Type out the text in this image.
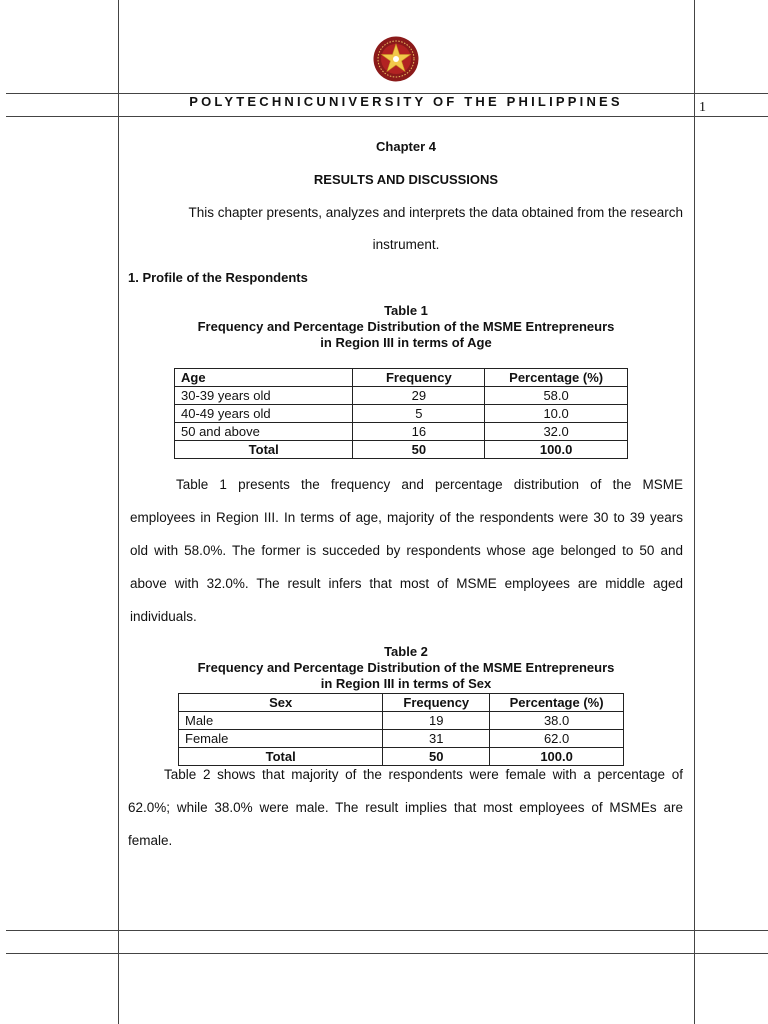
POLYTECHNICUNIVERSITY OF THE PHILIPPINES	1
Chapter 4
RESULTS AND DISCUSSIONS
This chapter presents, analyzes and interprets the data obtained from the research
instrument.
1. Profile of the Respondents
Table 1
Frequency and Percentage Distribution of the MSME Entrepreneurs
in Region III in terms of Age
Age	Frequency	Percentage (%)
30-39 years old	29	58.0
40-49 years old	5	10.0
50 and above	16	32.0
Total	50	100.0
Table 1 presents the frequency and percentage distribution of the MSME
employees in Region III. In terms of age, majority of the respondents were 30 to 39 years
old with 58.0%. The former is succeded by respondents whose age belonged to 50 and
above with 32.0%. The result infers that most of MSME employees are middle aged
individuals.
Table 2
Frequency and Percentage Distribution of the MSME Entrepreneurs
in Region III in terms of Sex
Sex	Frequency	Percentage (%)
Male	19	38.0
Female	31	62.0
Total	50	100.0
Table 2 shows that majority of the respondents were female with a percentage of
62.0%; while 38.0% were male. The result implies that most employees of MSMEs are
female.
